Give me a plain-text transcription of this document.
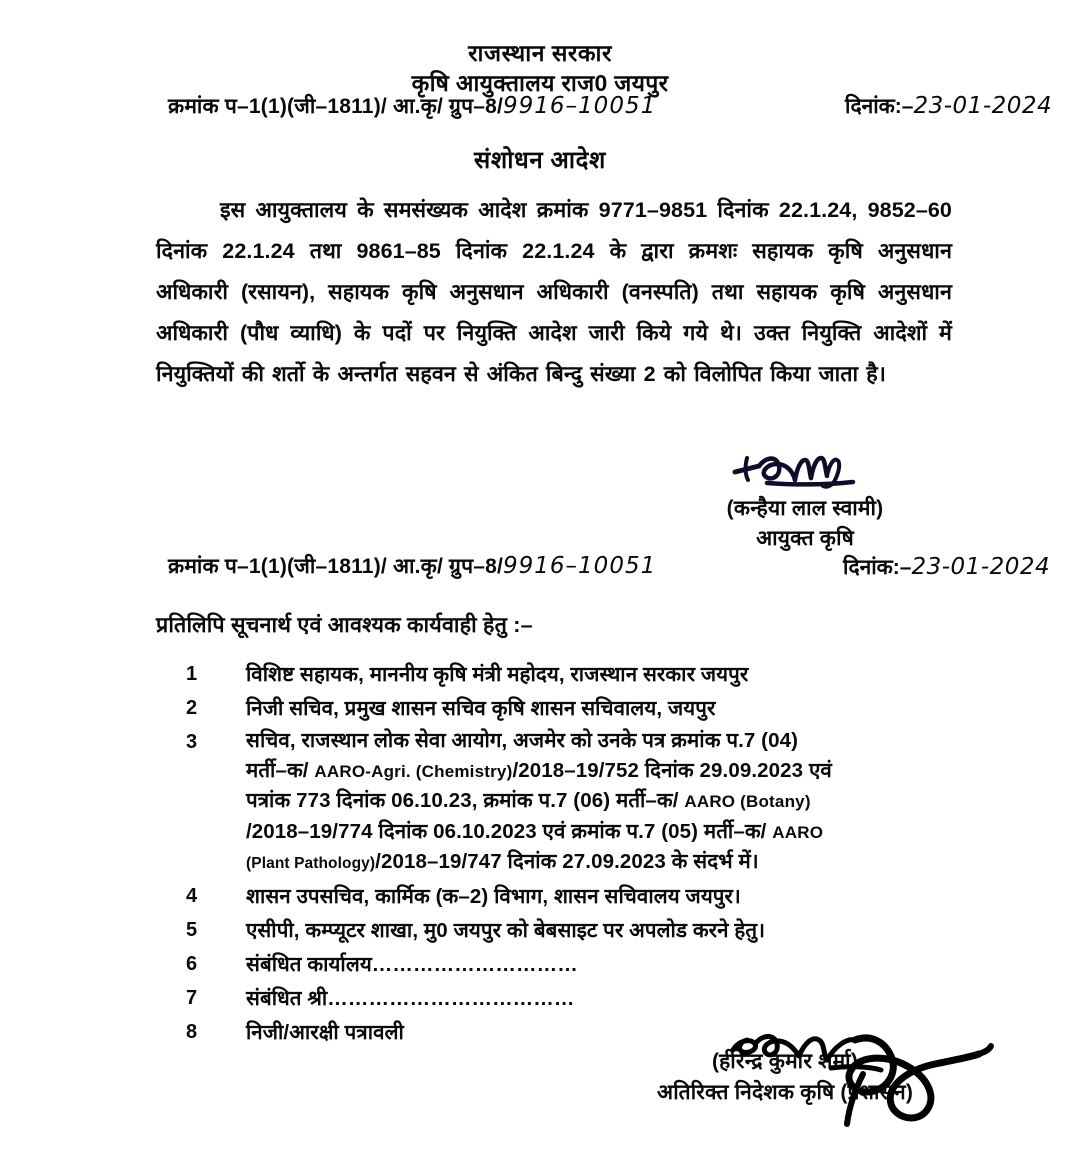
राजस्थान सरकार
कृषि आयुक्तालय राज0 जयपुर
क्रमांक प–1(1)(जी–1811)/ आ.कृ/ ग्रुप–8/9916–10051	दिनांक:–23-01-2024
संशोधन आदेश
इस आयुक्तालय के समसंख्यक आदेश क्रमांक 9771–9851 दिनांक 22.1.24, 9852–60 दिनांक 22.1.24 तथा 9861–85 दिनांक 22.1.24 के द्वारा क्रमशः सहायक कृषि अनुसधान अधिकारी (रसायन), सहायक कृषि अनुसधान अधिकारी (वनस्पति) तथा सहायक कृषि अनुसधान अधिकारी (पौध व्याधि) के पदों पर नियुक्ति आदेश जारी किये गये थे। उक्त नियुक्ति आदेशों में नियुक्तियों की शर्तो के अन्तर्गत सहवन से अंकित बिन्दु संख्या 2 को विलोपित किया जाता है।
(कन्हैया लाल स्वामी)
आयुक्त कृषि
क्रमांक प–1(1)(जी–1811)/ आ.कृ/ ग्रुप–8/9916–10051	दिनांक:–23-01-2024
प्रतिलिपि सूचनार्थ एवं आवश्यक कार्यवाही हेतु :–
1	विशिष्ट सहायक, माननीय कृषि मंत्री महोदय, राजस्थान सरकार जयपुर
2	निजी सचिव, प्रमुख शासन सचिव कृषि शासन सचिवालय, जयपुर
3	सचिव, राजस्थान लोक सेवा आयोग, अजमेर को उनके पत्र क्रमांक प.7 (04)
मर्ती–क/ AARO-Agri. (Chemistry)/2018–19/752 दिनांक 29.09.2023 एवं
पत्रांक 773 दिनांक 06.10.23, क्रमांक प.7 (06) मर्ती–क/ AARO (Botany)
/2018–19/774 दिनांक 06.10.2023 एवं क्रमांक प.7 (05) मर्ती–क/ AARO
(Plant Pathology)/2018–19/747 दिनांक 27.09.2023 के संदर्भ में।
4	शासन उपसचिव, कार्मिक (क–2) विभाग, शासन सचिवालय जयपुर।
5	एसीपी, कम्प्यूटर शाखा, मु0 जयपुर को बेबसाइट पर अपलोड करने हेतु।
6	संबंधित कार्यालय…………………………
7	संबंधित श्री………………………………
8	निजी/आरक्षी पत्रावली
(हीरेन्द्र कुमार शर्मा)
अतिरिक्त निदेशक कृषि (प्रशासन)
